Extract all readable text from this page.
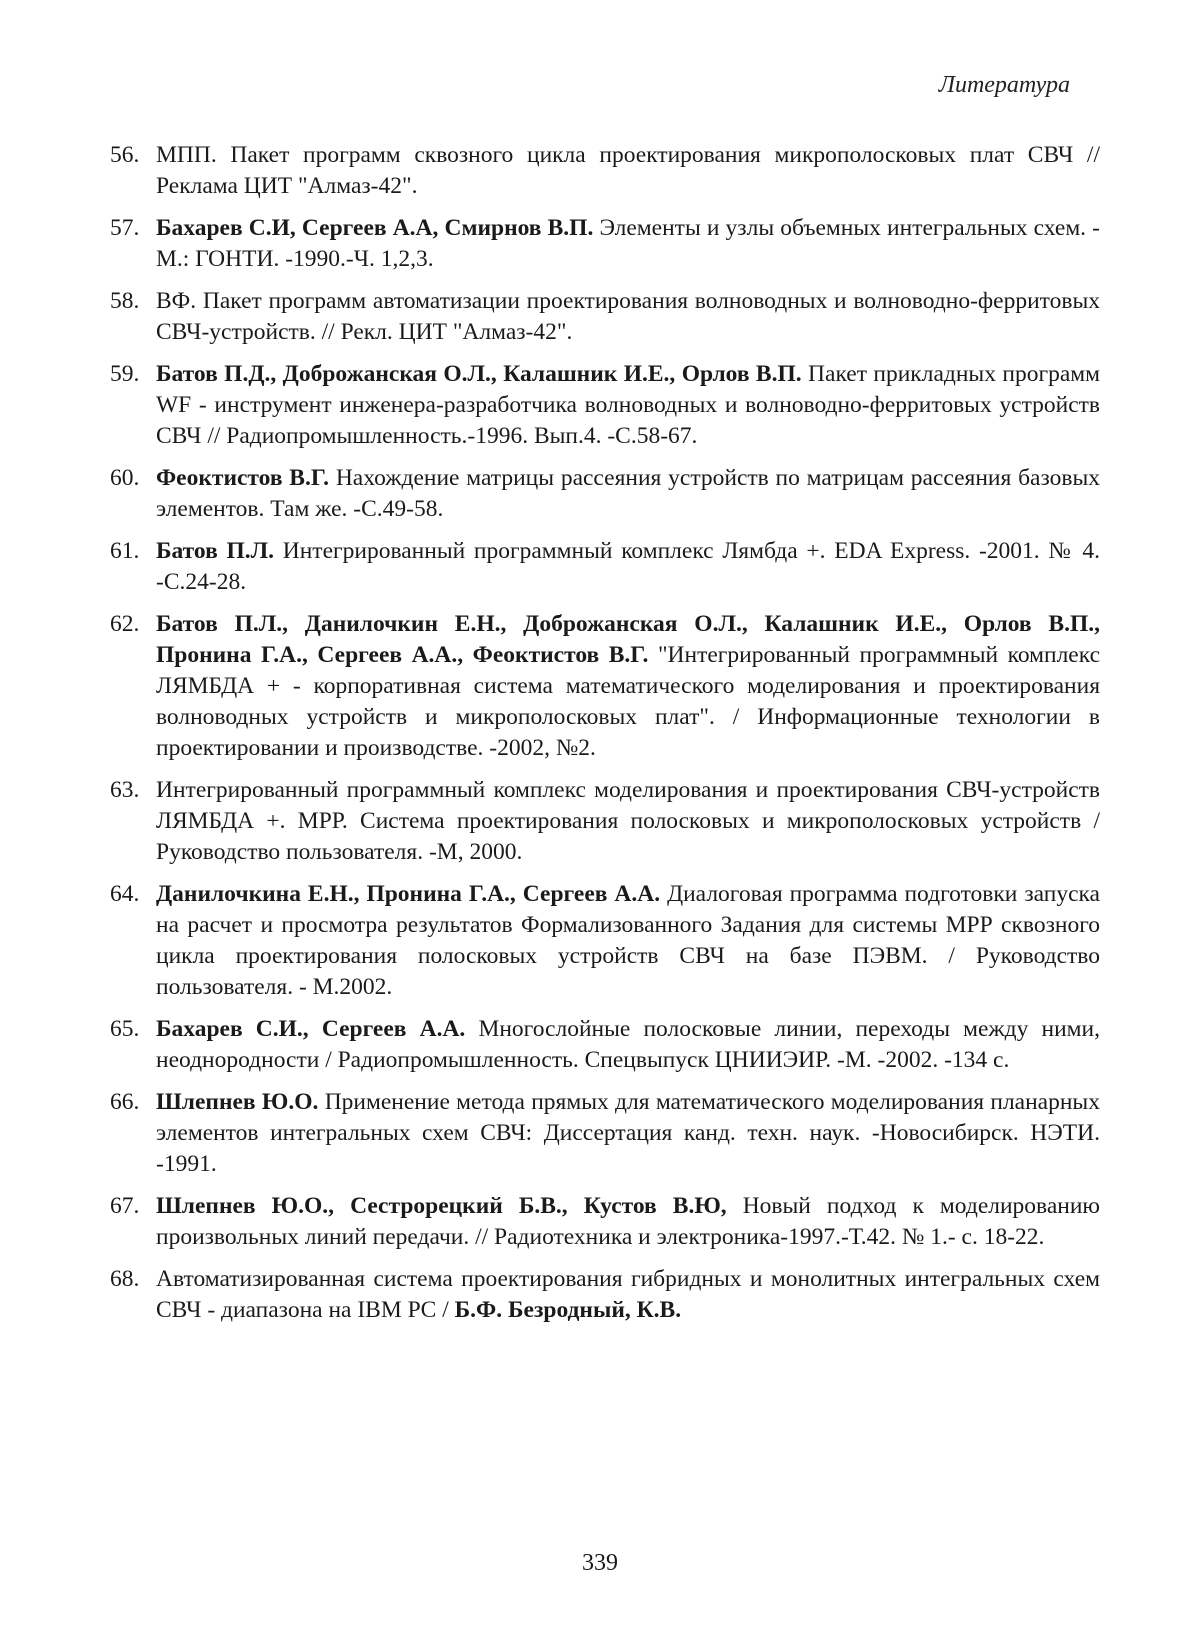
Литература
56. МПП. Пакет программ сквозного цикла проектирования микрополосковых плат СВЧ // Реклама ЦИТ "Алмаз-42".
57. Бахарев С.И, Сергеев А.А, Смирнов В.П. Элементы и узлы объемных интегральных схем. - М.: ГОНТИ. -1990.-Ч. 1,2,3.
58. ВФ. Пакет программ автоматизации проектирования волноводных и волноводно-ферритовых СВЧ-устройств. // Рекл. ЦИТ "Алмаз-42".
59. Батов П.Д., Доброжанская О.Л., Калашник И.Е., Орлов В.П. Пакет прикладных программ WF - инструмент инженера-разработчика волноводных и волноводно-ферритовых устройств СВЧ // Радиопромышленность.-1996. Вып.4. -С.58-67.
60. Феоктистов В.Г. Нахождение матрицы рассеяния устройств по матрицам рассеяния базовых элементов. Там же. -С.49-58.
61. Батов П.Л. Интегрированный программный комплекс Лямбда +. EDA Express. -2001. № 4. -С.24-28.
62. Батов П.Л., Данилочкин Е.Н., Доброжанская О.Л., Калашник И.Е., Орлов В.П., Пронина Г.А., Сергеев А.А., Феоктистов В.Г. "Интегрированный программный комплекс ЛЯМБДА + - корпоративная система математического моделирования и проектирования волноводных устройств и микрополосковых плат". / Информационные технологии в проектировании и производстве. -2002, №2.
63. Интегрированный программный комплекс моделирования и проектирования СВЧ-устройств ЛЯМБДА +. МРР. Система проектирования полосковых и микрополосковых устройств / Руководство пользователя. -М, 2000.
64. Данилочкина Е.Н., Пронина Г.А., Сергеев А.А. Диалоговая программа подготовки запуска на расчет и просмотра результатов Формализованного Задания для системы МРР сквозного цикла проектирования полосковых устройств СВЧ на базе ПЭВМ. / Руководство пользователя. - М.2002.
65. Бахарев С.И., Сергеев А.А. Многослойные полосковые линии, переходы между ними, неоднородности / Радиопромышленность. Спецвыпуск ЦНИИЭИР. -М. -2002. -134 с.
66. Шлепнев Ю.О. Применение метода прямых для математического моделирования планарных элементов интегральных схем СВЧ: Диссертация канд. техн. наук. -Новосибирск. НЭТИ. -1991.
67. Шлепнев Ю.О., Сестрорецкий Б.В., Кустов В.Ю, Новый подход к моделированию произвольных линий передачи. // Радиотехника и электроника-1997.-Т.42. № 1.- с. 18-22.
68. Автоматизированная система проектирования гибридных и монолитных интегральных схем СВЧ - диапазона на IBM PC / Б.Ф. Безродный, К.В.
339
